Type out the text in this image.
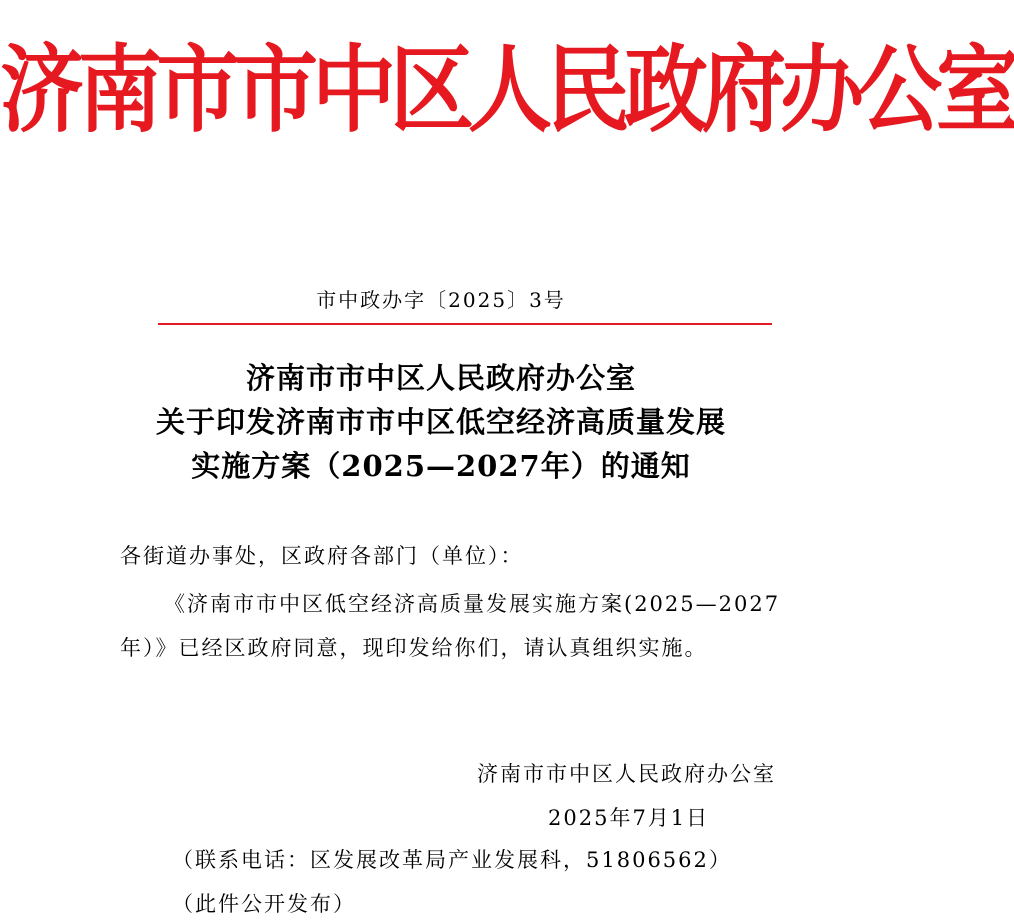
济南市市中区人民政府办公室
市中政办字〔2025〕3号
济南市市中区人民政府办公室
关于印发济南市市中区低空经济高质量发展
实施方案（2025—2027年）的通知
各街道办事处，区政府各部门（单位）：
《济南市市中区低空经济高质量发展实施方案(2025—2027
年）》已经区政府同意，现印发给你们，请认真组织实施。
济南市市中区人民政府办公室
2025年7月1日
（联系电话：区发展改革局产业发展科，51806562）
（此件公开发布）
